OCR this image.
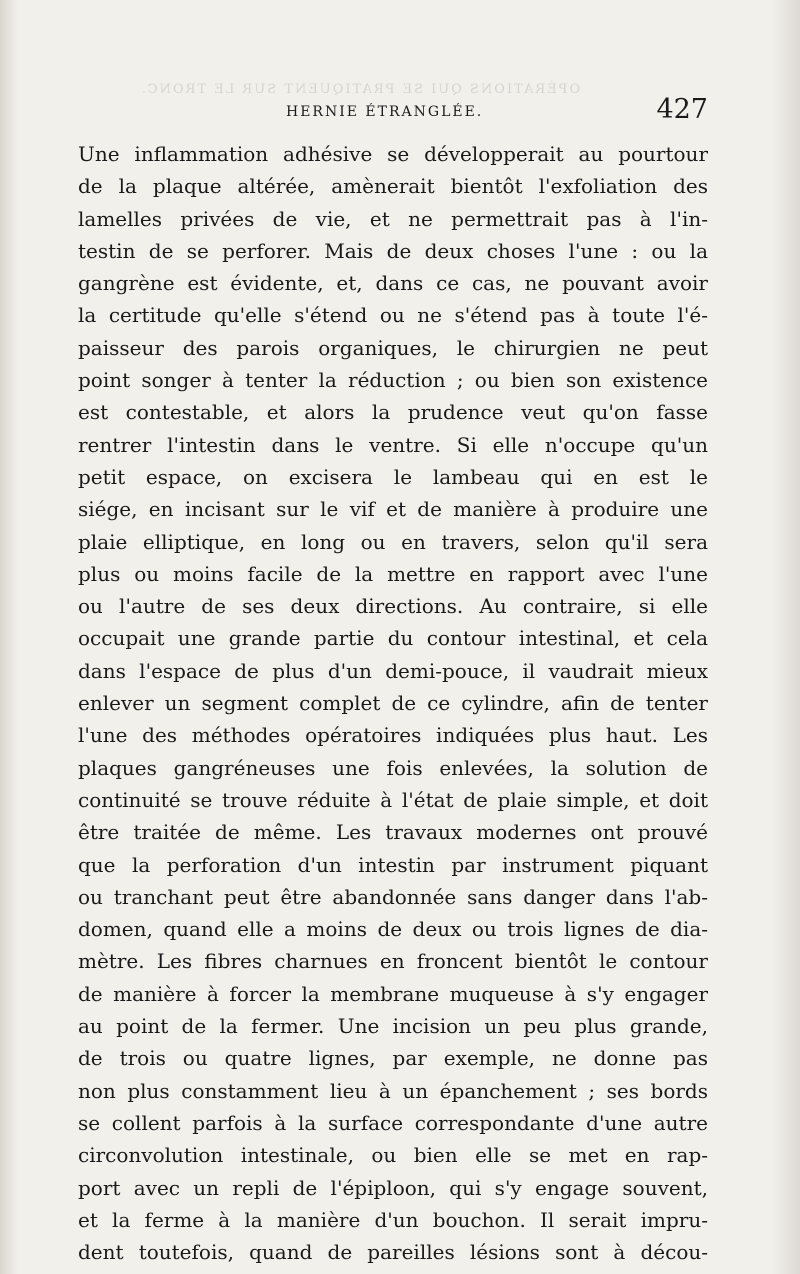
OPÉRATIONS QUI SE PRATIQUENT SUR LE TRONC.
HERNIE ÉTRANGLÉE.	427
Une inflammation adhésive se développerait au pourtour
de la plaque altérée, amènerait bientôt l'exfoliation des
lamelles privées de vie, et ne permettrait pas à l'in-
testin de se perforer. Mais de deux choses l'une : ou la
gangrène est évidente, et, dans ce cas, ne pouvant avoir
la certitude qu'elle s'étend ou ne s'étend pas à toute l'é-
paisseur des parois organiques, le chirurgien ne peut
point songer à tenter la réduction ; ou bien son existence
est contestable, et alors la prudence veut qu'on fasse
rentrer l'intestin dans le ventre. Si elle n'occupe qu'un
petit espace, on excisera le lambeau qui en est le
siége, en incisant sur le vif et de manière à produire une
plaie elliptique, en long ou en travers, selon qu'il sera
plus ou moins facile de la mettre en rapport avec l'une
ou l'autre de ses deux directions. Au contraire, si elle
occupait une grande partie du contour intestinal, et cela
dans l'espace de plus d'un demi-pouce, il vaudrait mieux
enlever un segment complet de ce cylindre, afin de tenter
l'une des méthodes opératoires indiquées plus haut. Les
plaques gangréneuses une fois enlevées, la solution de
continuité se trouve réduite à l'état de plaie simple, et doit
être traitée de même. Les travaux modernes ont prouvé
que la perforation d'un intestin par instrument piquant
ou tranchant peut être abandonnée sans danger dans l'ab-
domen, quand elle a moins de deux ou trois lignes de dia-
mètre. Les fibres charnues en froncent bientôt le contour
de manière à forcer la membrane muqueuse à s'y engager
au point de la fermer. Une incision un peu plus grande,
de trois ou quatre lignes, par exemple, ne donne pas
non plus constamment lieu à un épanchement ; ses bords
se collent parfois à la surface correspondante d'une autre
circonvolution intestinale, ou bien elle se met en rap-
port avec un repli de l'épiploon, qui s'y engage souvent,
et la ferme à la manière d'un bouchon. Il serait impru-
dent toutefois, quand de pareilles lésions sont à décou-
